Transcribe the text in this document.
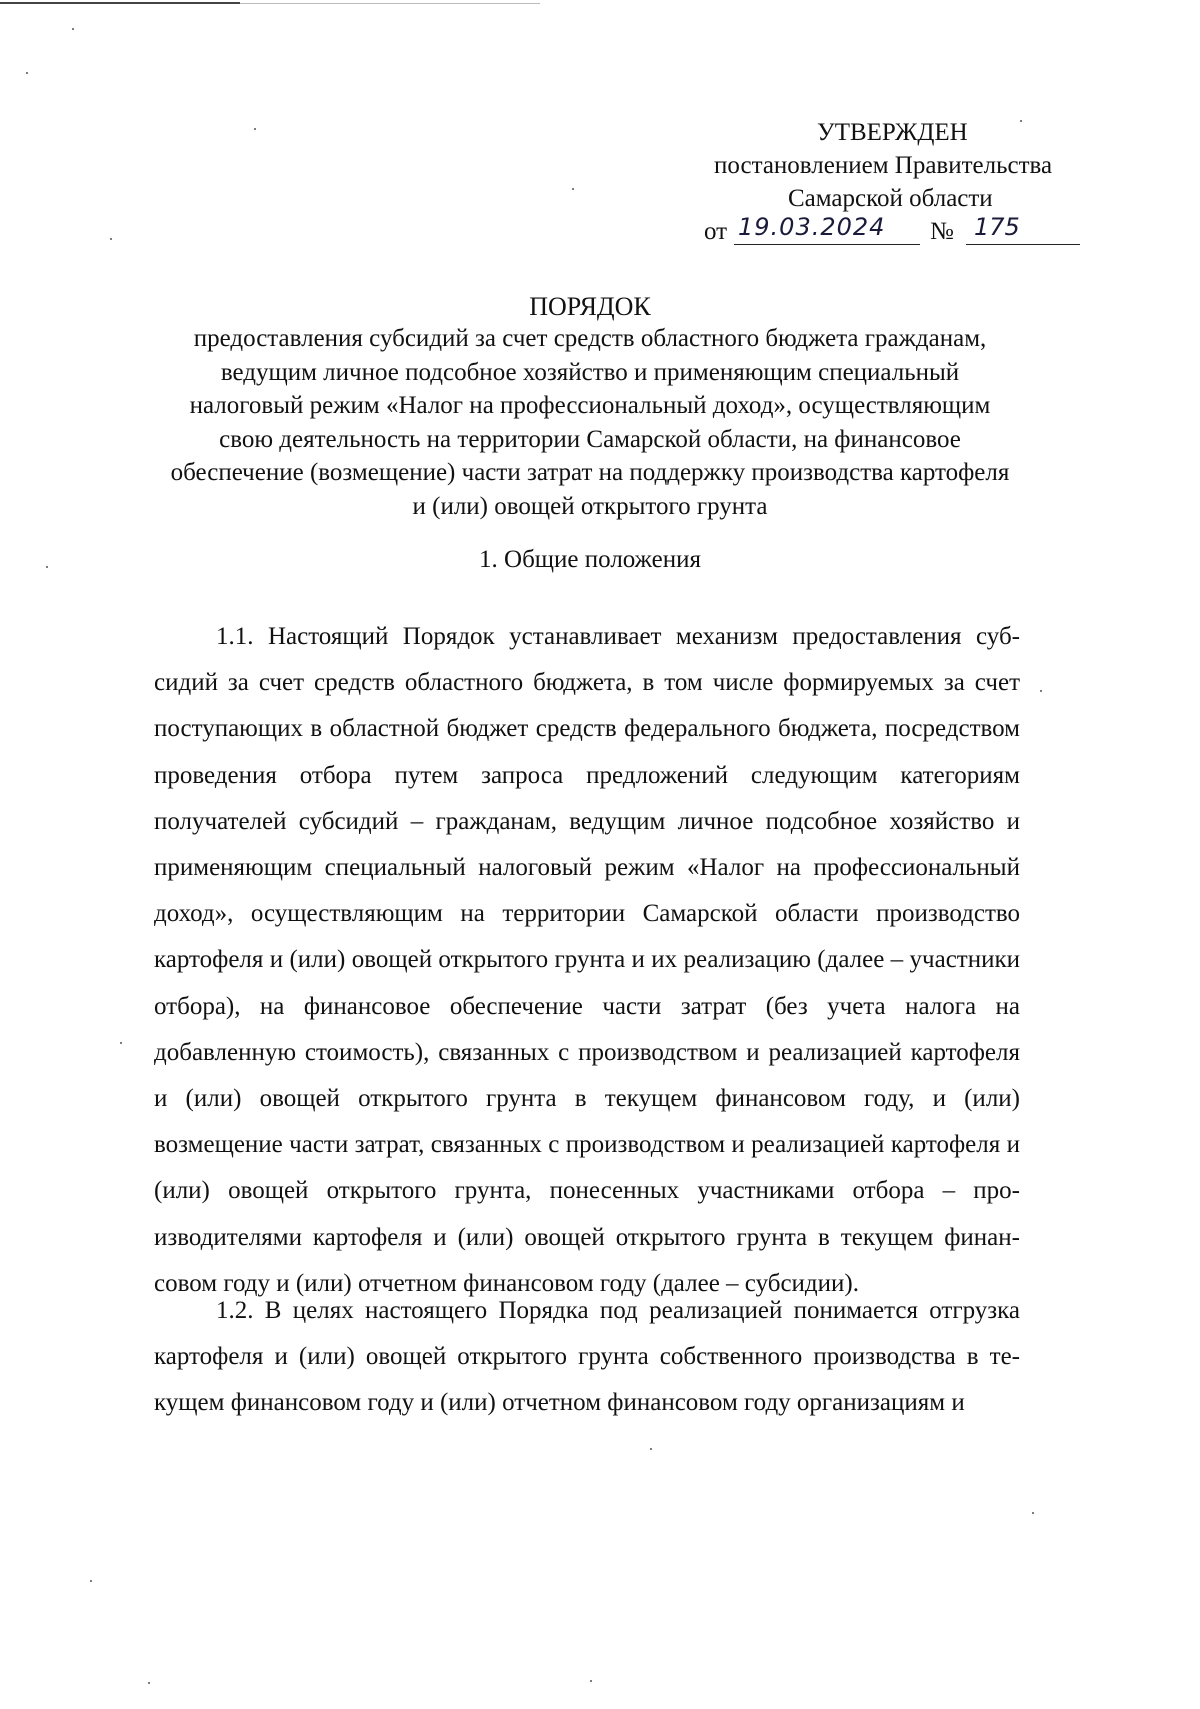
УТВЕРЖДЕН
постановлением Правительства
Самарской области
от 19.03.2024	№ 175
ПОРЯДОК
предоставления субсидий за счет средств областного бюджета гражданам, ведущим личное подсобное хозяйство и применяющим специальный налоговый режим «Налог на профессиональный доход», осуществляющим свою деятельность на территории Самарской области, на финансовое обеспечение (возмещение) части затрат на поддержку производства картофеля и (или) овощей открытого грунта
1. Общие положения
1.1. Настоящий Порядок устанавливает механизм предоставления субсидий за счет средств областного бюджета, в том числе формируемых за счет поступающих в областной бюджет средств федерального бюджета, посредством проведения отбора путем запроса предложений следующим категориям получателей субсидий – гражданам, ведущим личное подсобное хозяйство и применяющим специальный налоговый режим «Налог на профессиональный доход», осуществляющим на территории Самарской области производство картофеля и (или) овощей открытого грунта и их реализацию (далее – участники отбора), на финансовое обеспечение части затрат (без учета налога на добавленную стоимость), связанных с производством и реализацией картофеля и (или) овощей открытого грунта в текущем финансовом году, и (или) возмещение части затрат, связанных с производством и реализацией картофеля и (или) овощей открытого грунта, понесенных участниками отбора – производителями картофеля и (или) овощей открытого грунта в текущем финансовом году и (или) отчетном финансовом году (далее – субсидии).
1.2. В целях настоящего Порядка под реализацией понимается отгрузка картофеля и (или) овощей открытого грунта собственного производства в текущем финансовом году и (или) отчетном финансовом году организациям и
